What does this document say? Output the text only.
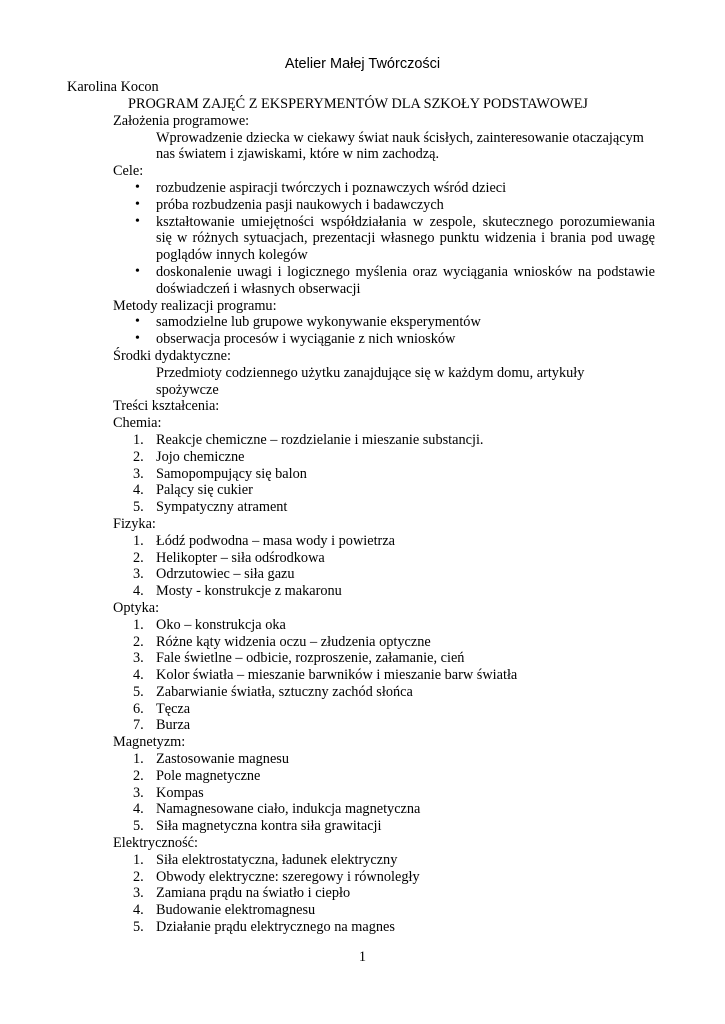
Atelier Małej Twórczości
Karolina Kocon
PROGRAM ZAJĘĆ Z EKSPERYMENTÓW DLA SZKOŁY PODSTAWOWEJ
Założenia programowe:
Wprowadzenie dziecka w ciekawy świat nauk ścisłych, zainteresowanie otaczającym nas światem i zjawiskami, które w nim zachodzą.
Cele:
• rozbudzenie aspiracji twórczych i poznawczych wśród dzieci
• próba rozbudzenia pasji naukowych i badawczych
• kształtowanie umiejętności współdziałania w zespole, skutecznego porozumiewania się w różnych sytuacjach, prezentacji własnego punktu widzenia i brania pod uwagę poglądów innych kolegów
• doskonalenie uwagi i logicznego myślenia oraz wyciągania wniosków na podstawie doświadczeń i własnych obserwacji
Metody realizacji programu:
• samodzielne lub grupowe wykonywanie eksperymentów
• obserwacja procesów i wyciąganie z nich wniosków
Środki dydaktyczne:
Przedmioty codziennego użytku zanajdujące się w każdym domu, artykuły spożywcze
Treści kształcenia:
Chemia:
1. Reakcje chemiczne – rozdzielanie i mieszanie substancji.
2. Jojo chemiczne
3. Samopompujący się balon
4. Palący się cukier
5. Sympatyczny atrament
Fizyka:
1. Łódź podwodna – masa wody i powietrza
2. Helikopter – siła odśrodkowa
3. Odrzutowiec – siła gazu
4. Mosty - konstrukcje z makaronu
Optyka:
1. Oko – konstrukcja oka
2. Różne kąty widzenia oczu – złudzenia optyczne
3. Fale świetlne – odbicie, rozproszenie, załamanie, cień
4. Kolor światła – mieszanie barwników i mieszanie barw światła
5. Zabarwianie światła, sztuczny zachód słońca
6. Tęcza
7. Burza
Magnetyzm:
1. Zastosowanie magnesu
2. Pole magnetyczne
3. Kompas
4. Namagnesowane ciało, indukcja magnetyczna
5. Siła magnetyczna kontra siła grawitacji
Elektryczność:
1. Siła elektrostatyczna, ładunek elektryczny
2. Obwody elektryczne: szeregowy i równoległy
3. Zamiana prądu na światło i ciepło
4. Budowanie elektromagnesu
5. Działanie prądu elektrycznego na magnes
1
